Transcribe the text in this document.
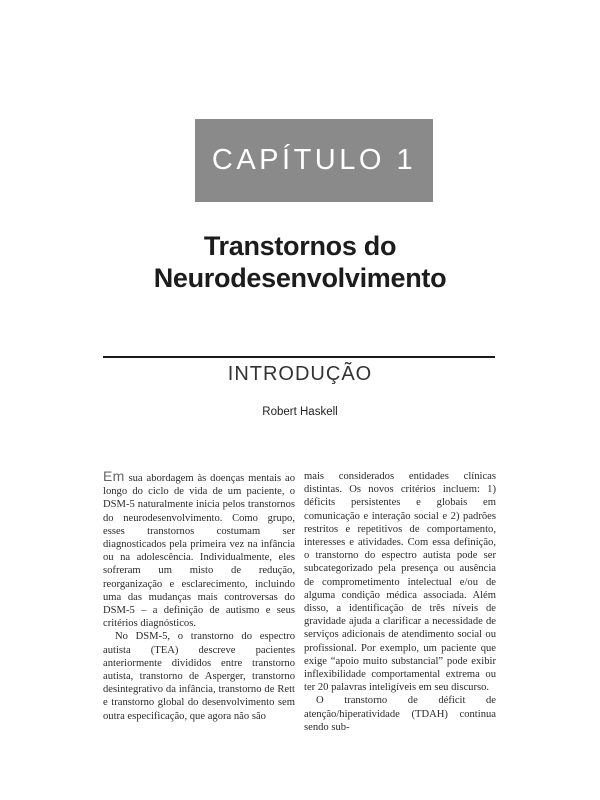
CAPÍTULO 1
Transtornos do
Neurodesenvolvimento
INTRODUÇÃO
Robert Haskell

Em sua abordagem às doenças mentais ao longo do ciclo de vida de um paciente, o DSM-5 naturalmente inicia pelos transtornos do neurodesenvolvimento. Como grupo, esses transtornos costumam ser diagnosticados pela primeira vez na infância ou na adolescência. Individualmente, eles sofreram um misto de redução, reorganização e esclarecimento, incluindo uma das mudanças mais controversas do DSM-5 – a definição de autismo e seus critérios diagnósticos.

No DSM-5, o transtorno do espectro autista (TEA) descreve pacientes anteriormente divididos entre transtorno autista, transtorno de Asperger, transtorno desintegrativo da infância, transtorno de Rett e transtorno global do desenvolvimento sem outra especificação, que agora não são

mais considerados entidades clínicas distintas. Os novos critérios incluem: 1) déficits persistentes e globais em comunicação e interação social e 2) padrões restritos e repetitivos de comportamento, interesses e atividades. Com essa definição, o transtorno do espectro autista pode ser subcategorizado pela presença ou ausência de comprometimento intelectual e/ou de alguma condição médica associada. Além disso, a identificação de três níveis de gravidade ajuda a clarificar a necessidade de serviços adicionais de atendimento social ou profissional. Por exemplo, um paciente que exige “apoio muito substancial” pode exibir inflexibilidade comportamental extrema ou ter 20 palavras inteligíveis em seu discurso.

O transtorno de déficit de atenção/hiperatividade (TDAH) continua sendo sub-
